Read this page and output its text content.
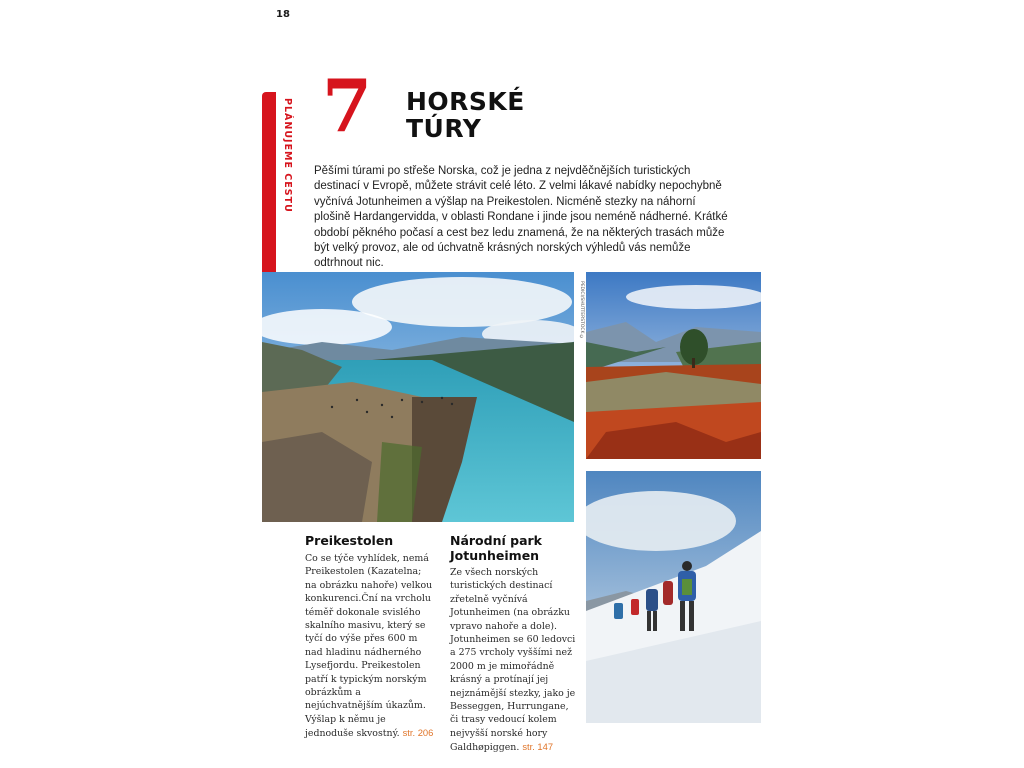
18
PLÁNUJEME CESTU 7 HORSKÉ
TÚRY
Pěšími túrami po střeše Norska, což je jedna z nejvděčnějších turistických destinací v Evropě, můžete strávit celé léto. Z velmi lákavé nabídky nepochybně vyčnívá Jotunheimen a výšlap na Preikestolen. Nicméně stezky na náhorní plošině Hardangervidda, v oblasti Rondane i jinde jsou neméně nádherné. Krátké období pěkného počasí a cest bez ledu znamená, že na některých trasách může být velký provoz, ale od úchvatně krásných norských výhledů vás nemůže odtrhnout nic.
PEDICI/SHUTTERSTOCK ©
Preikestolen
Co se týče vyhlídek, nemá Preikestolen (Kazatelna; na obrázku nahoře) velkou konkurenci.Ční na vrcholu téměř dokonale svislého skalního masivu, který se tyčí do výše přes 600 m nad hladinu nádherného Lysefjordu. Preikestolen patří k typickým norským obrázkům a nejúchvatnějším úkazům. Výšlap k němu je jednoduše skvostný. str. 206
Národní park
Jotunheimen
Ze všech norských turistických destinací zřetelně vyčnívá Jotunheimen (na obrázku vpravo nahoře a dole). Jotunheimen se 60 ledovci a 275 vrcholy vyššími než 2000 m je mimořádně krásný a protínají jej nejznámější stezky, jako je Besseggen, Hurrungane, či trasy vedoucí kolem nejvyšší norské hory Galdhøpiggen. str. 147
